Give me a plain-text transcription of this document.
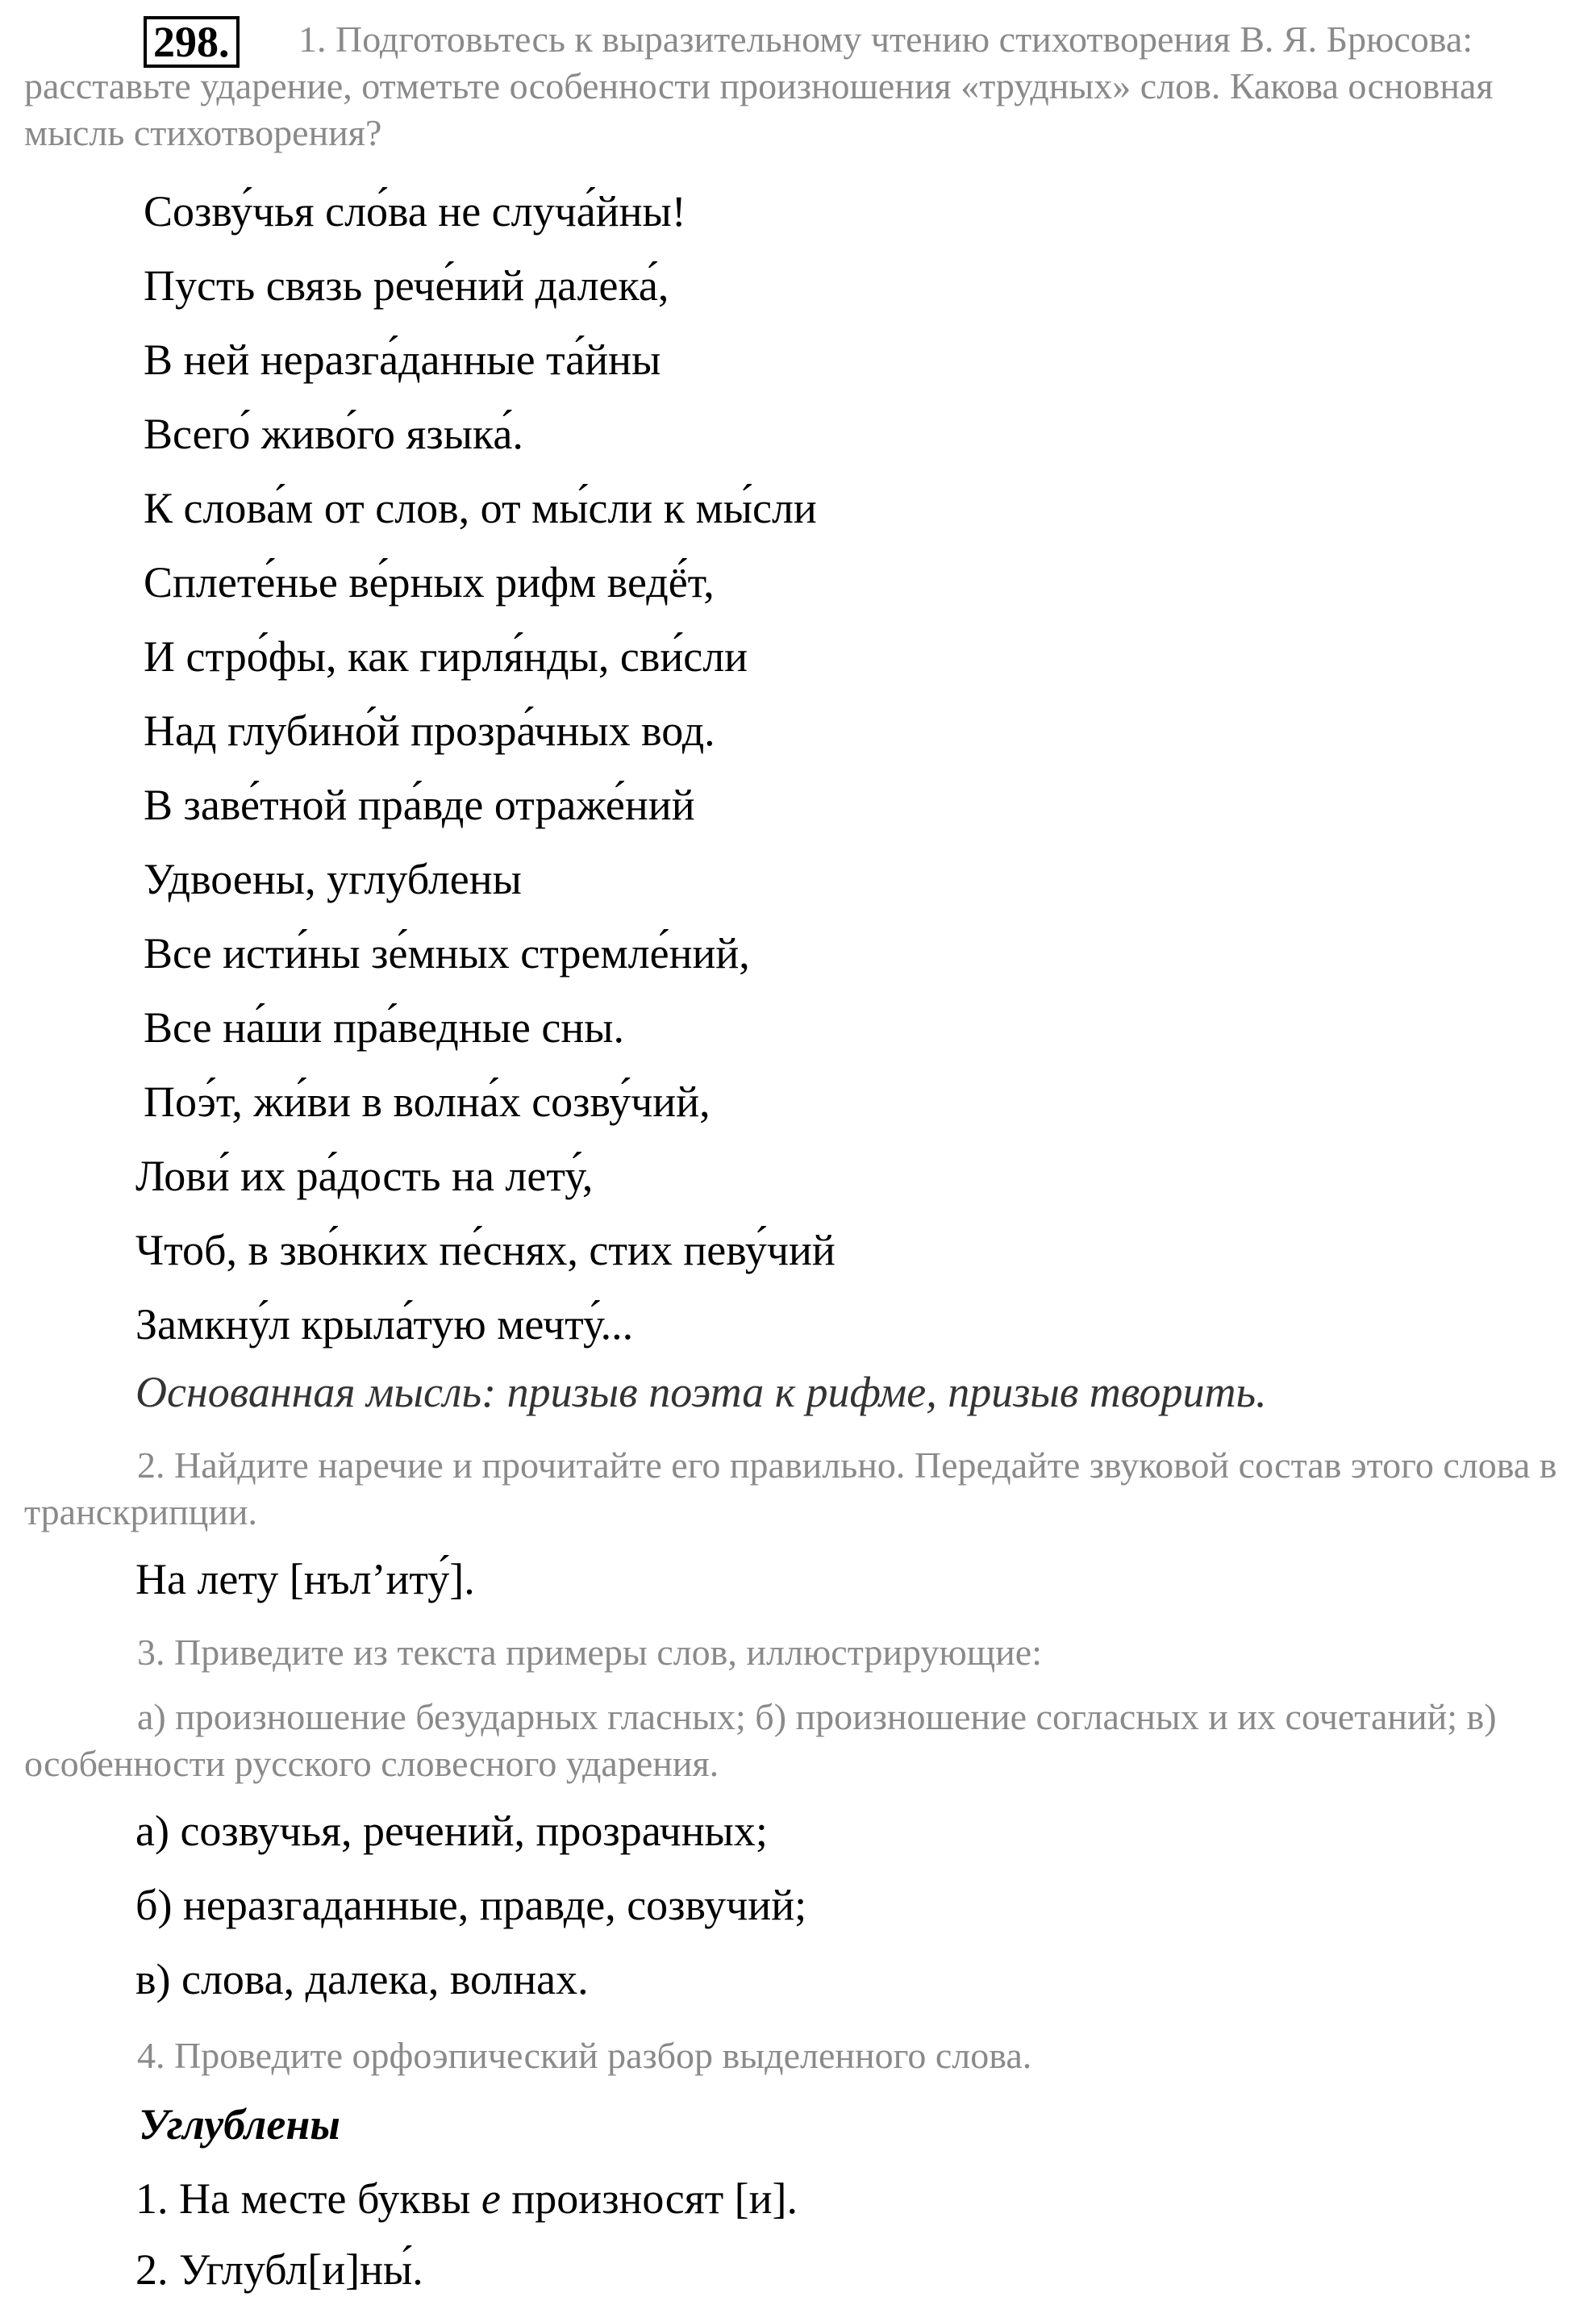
298. 1. Подготовьтесь к выразительному чтению стихотворения В. Я. Брюсова: расставьте ударение, отметьте особенности произношения «трудных» слов. Какова основная мысль стихотворения?
Созву́чья сло́ва не случа́йны!
Пусть связь рече́ний далека́,
В ней неразга́данные та́йны
Всего́ живо́го языка́.
К слова́м от слов, от мы́сли к мы́сли
Сплете́нье ве́рных рифм ведё́т,
И стро́фы, как гирля́нды, сви́сли
Над глубино́й прозра́чных вод.
В заве́тной пра́вде отраже́ний
Удвоены, углублены
Все исти́ны зе́мных стремле́ний,
Все на́ши пра́ведные сны.
Поэ́т, жи́ви в волна́х созву́чий,
Лови́ их ра́дость на лету́,
Чтоб, в зво́нких пе́снях, стих певу́чий
Замкну́л крыла́тую мечту́...
Основанная мысль: призыв поэта к рифме, призыв творить.
2. Найдите наречие и прочитайте его правильно. Передайте звуковой состав этого слова в транскрипции.
На лету [нъл’иту́].
3. Приведите из текста примеры слов, иллюстрирующие:
а) произношение безударных гласных; б) произношение согласных и их сочетаний; в) особенности русского словесного ударения.
а) созвучья, речений, прозрачных;
б) неразгаданные, правде, созвучий;
в) слова, далека, волнах.
4. Проведите орфоэпический разбор выделенного слова.
Углублены
1. На месте буквы е произносят [и].
2. Углубл[и]ны́.
